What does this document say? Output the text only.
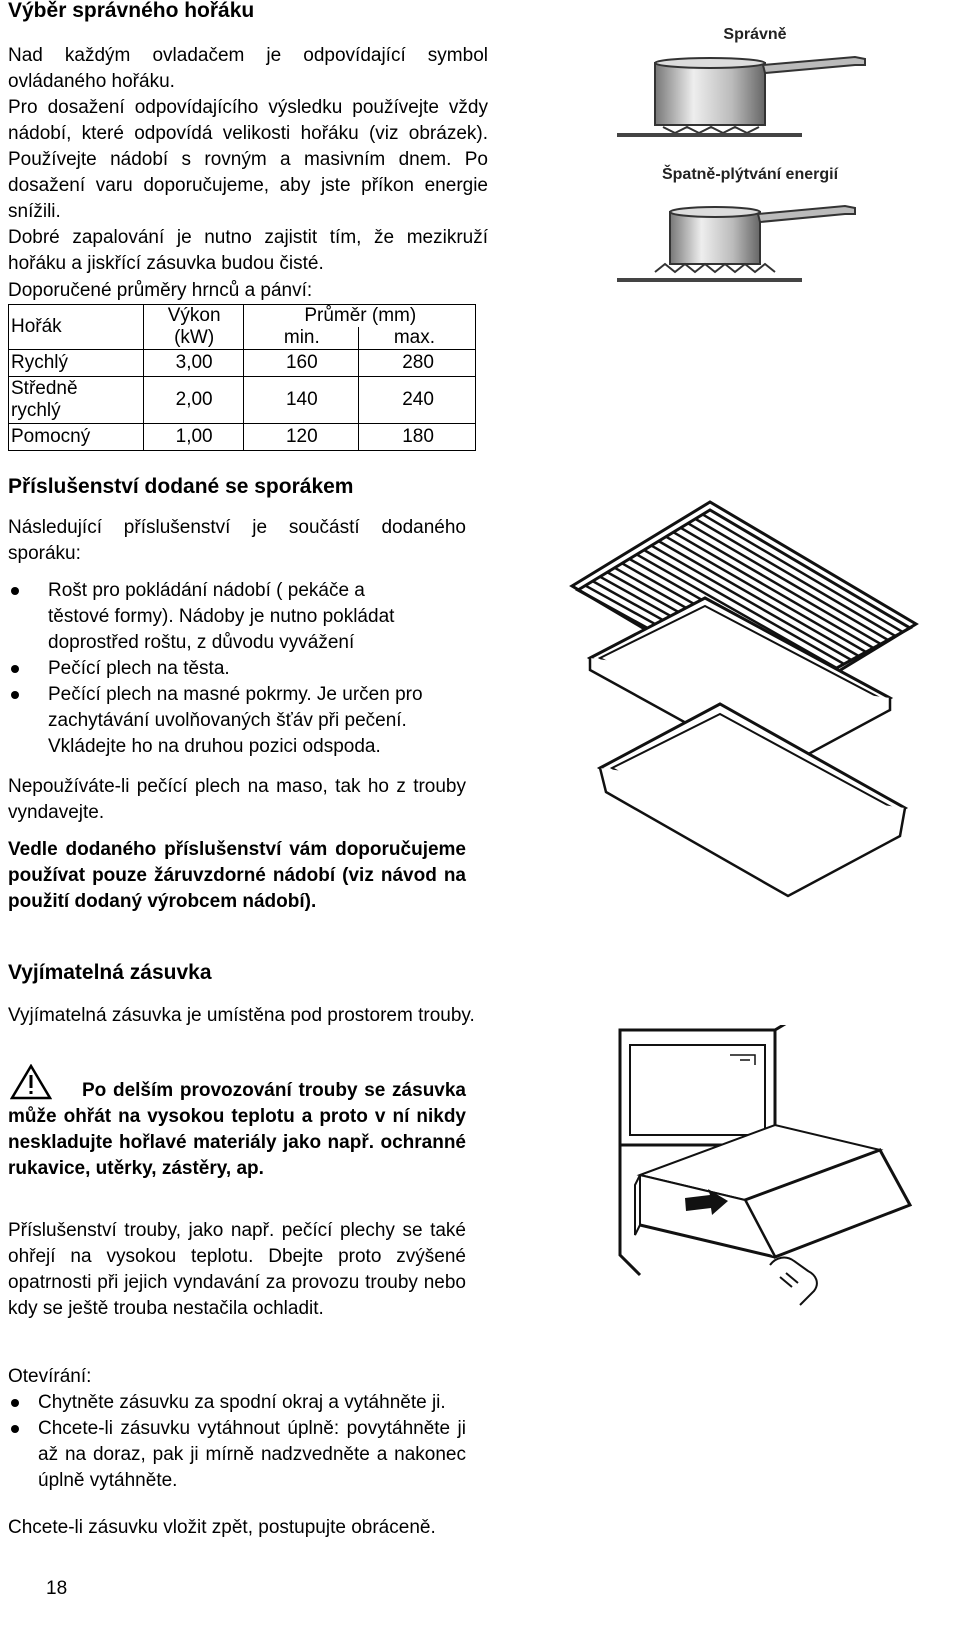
Výběr správného hořáku

Nad každým ovladačem je odpovídající symbol ovládaného hořáku.

Pro dosažení odpovídajícího výsledku používejte vždy nádobí, které odpovídá velikosti hořáku (viz obrázek). Používejte nádobí s rovným a masivním dnem. Po dosažení varu doporučujeme, aby jste příkon energie snížili.

Dobré zapalování je nutno zajistit tím, že mezikruží hořáku a jiskřící zásuvka budou čisté.

Doporučené průměry hrnců a pánví:

Hořák	Výkon	Průměr (mm)	
	(kW)	min.	max.
Rychlý	3,00	160	280

Středně rychlý	2,00	140	240
Pomocný	1,00	120	180
Správně
Špatně-plýtvání energií
Příslušenství dodané se sporákem

Následující příslušenství je součástí dodaného sporáku:

Rošt pro pokládání nádobí ( pekáče a těstové formy). Nádoby je nutno pokládat doprostřed roštu, z důvodu vyvážení
Pečící plech na těsta.
Pečící plech na masné pokrmy. Je určen pro zachytávání uvolňovaných šťáv při pečení. Vkládejte ho na druhou pozici odspoda.

Nepoužíváte-li pečící plech na maso, tak ho z trouby vyndavejte.

Vedle dodaného příslušenství vám doporučujeme používat pouze žáruvzdorné nádobí (viz návod na použití dodaný výrobcem nádobí).

Vyjímatelná zásuvka

Vyjímatelná zásuvka je umístěna pod prostorem trouby.

Po delším provozování trouby se zásuvka může ohřát na vysokou teplotu a proto v ní nikdy neskladujte hořlavé materiály jako např. ochranné rukavice, utěrky, zástěry, ap.

Příslušenství trouby, jako např. pečící plechy se také ohřejí na vysokou teplotu. Dbejte proto zvýšené opatrnosti při jejich vyndavání za provozu trouby nebo kdy se ještě trouba nestačila ochladit.

Otevírání:

Chytněte zásuvku za spodní okraj a vytáhněte ji.
Chcete-li zásuvku vytáhnout úplně: povytáhněte ji až na doraz, pak ji mírně nadzvedněte a nakonec úplně vytáhněte.

Chcete-li zásuvku vložit zpět, postupujte obráceně.

18
